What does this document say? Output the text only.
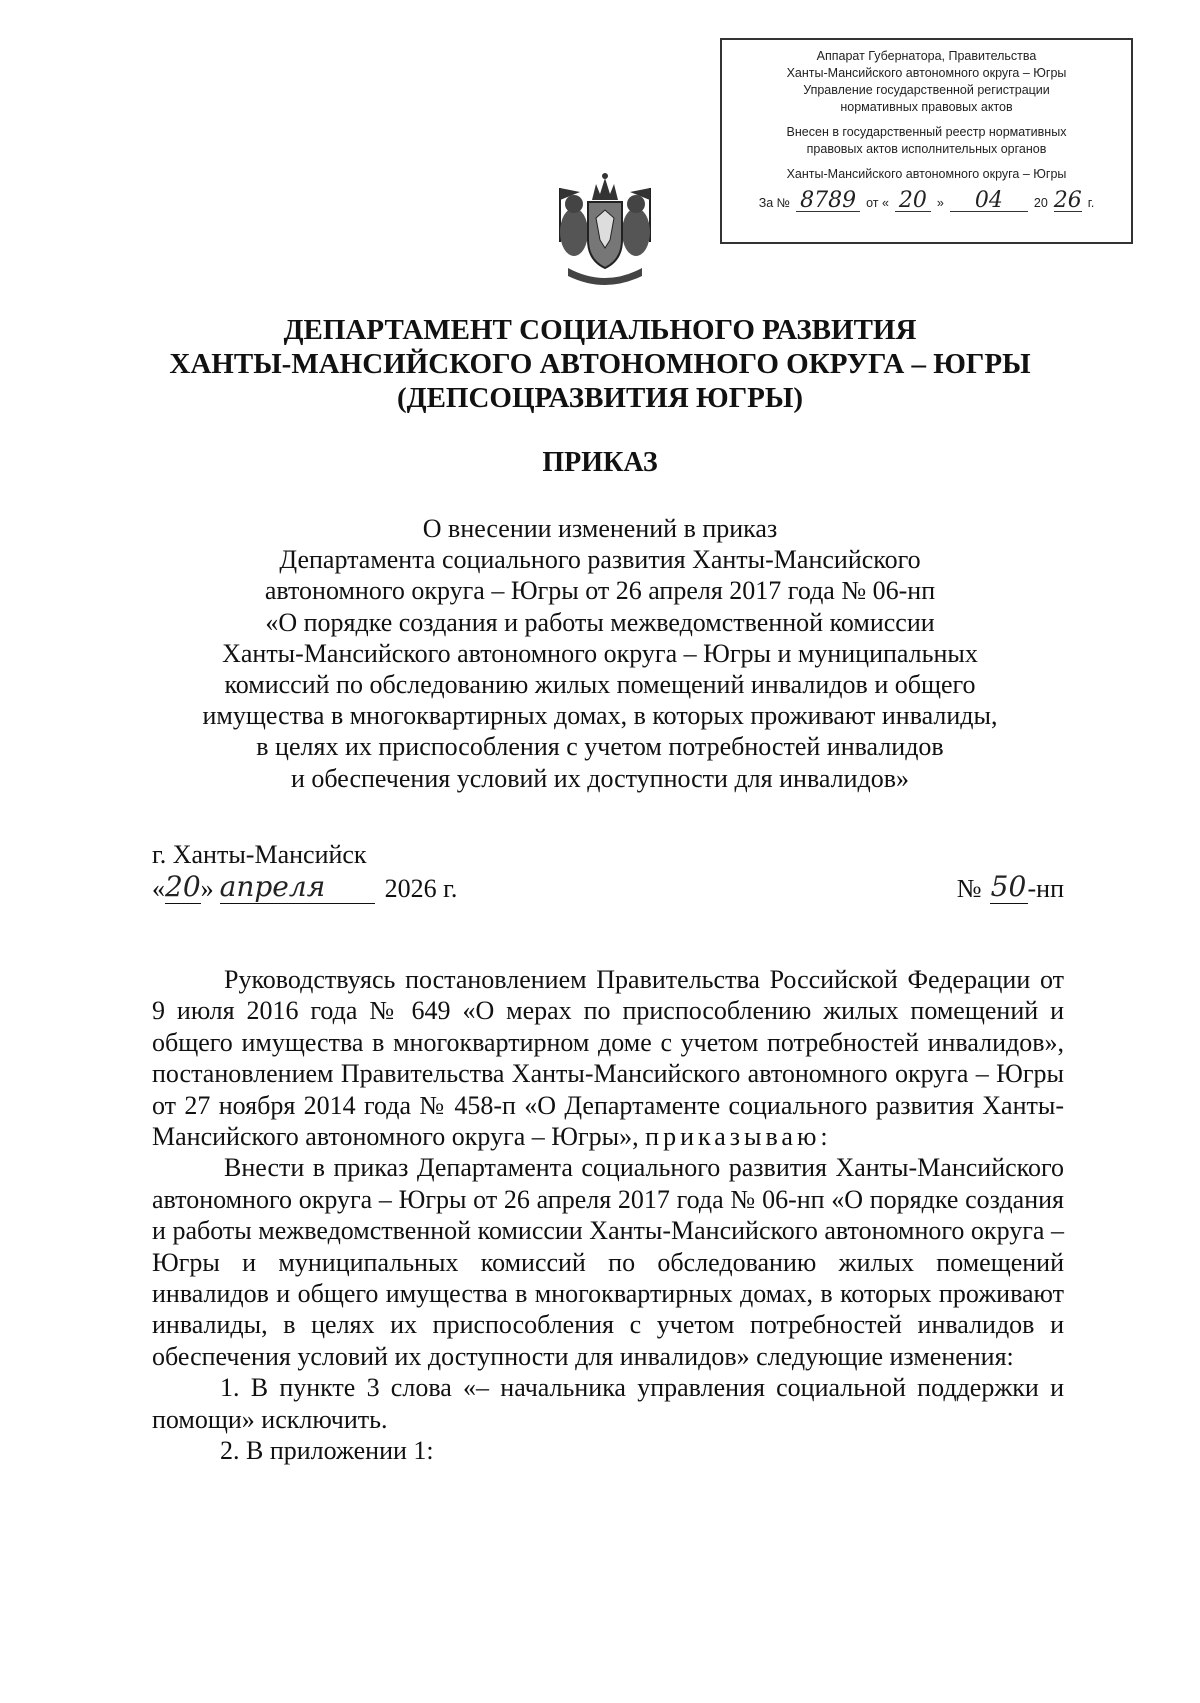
Аппарат Губернатора, Правительства
Ханты-Мансийского автономного округа – Югры
Управление государственной регистрации
нормативных правовых актов
Внесен в государственный реестр нормативных
правовых актов исполнительных органов
Ханты-Мансийского автономного округа – Югры
За № 8789 от « 20 »	04	20 26 г.
ДЕПАРТАМЕНТ СОЦИАЛЬНОГО РАЗВИТИЯ
ХАНТЫ-МАНСИЙСКОГО АВТОНОМНОГО ОКРУГА – ЮГРЫ
(ДЕПСОЦРАЗВИТИЯ ЮГРЫ)
ПРИКАЗ
О внесении изменений в приказ
Департамента социального развития Ханты-Мансийского
автономного округа – Югры от 26 апреля 2017 года № 06-нп
«О порядке создания и работы межведомственной комиссии
Ханты-Мансийского автономного округа – Югры и муниципальных
комиссий по обследованию жилых помещений инвалидов и общего
имущества в многоквартирных домах, в которых проживают инвалиды,
в целях их приспособления с учетом потребностей инвалидов
и обеспечения условий их доступности для инвалидов»
г. Ханты-Мансийск
« 20 » апреля	2026 г.	№ 50 -нп

Руководствуясь постановлением Правительства Российской Федерации от 9 июля 2016 года № 649 «О мерах по приспособлению жилых помещений и общего имущества в многоквартирном доме с учетом потребностей инвалидов», постановлением Правительства Ханты-Мансийского автономного округа – Югры от 27 ноября 2014 года № 458-п «О Департаменте социального развития Ханты-Мансийского автономного округа – Югры», приказываю:

Внести в приказ Департамента социального развития Ханты-Мансийского автономного округа – Югры от 26 апреля 2017 года № 06-нп «О порядке создания и работы межведомственной комиссии Ханты-Мансийского автономного округа – Югры и муниципальных комиссий по обследованию жилых помещений инвалидов и общего имущества в многоквартирных домах, в которых проживают инвалиды, в целях их приспособления с учетом потребностей инвалидов и обеспечения условий их доступности для инвалидов» следующие изменения:

1. В пункте 3 слова «– начальника управления социальной поддержки и помощи» исключить.

2. В приложении 1:
